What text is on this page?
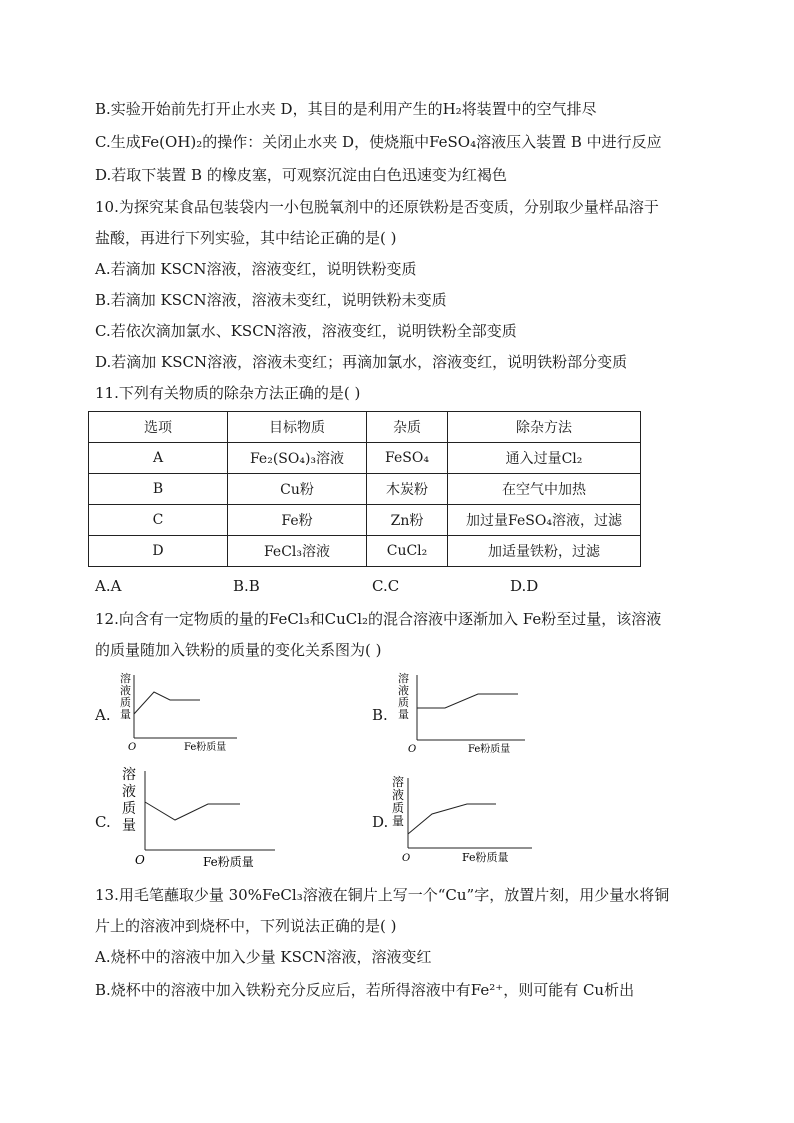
B.实验开始前先打开止水夹 D，其目的是利用产生的H₂将装置中的空气排尽
C.生成Fe(OH)₂的操作：关闭止水夹 D，使烧瓶中FeSO₄溶液压入装置 B 中进行反应
D.若取下装置 B 的橡皮塞，可观察沉淀由白色迅速变为红褐色
10.为探究某食品包装袋内一小包脱氧剂中的还原铁粉是否变质，分别取少量样品溶于
盐酸，再进行下列实验，其中结论正确的是( )
A.若滴加 KSCN溶液，溶液变红，说明铁粉变质
B.若滴加 KSCN溶液，溶液未变红，说明铁粉未变质
C.若依次滴加氯水、KSCN溶液，溶液变红，说明铁粉全部变质
D.若滴加 KSCN溶液，溶液未变红；再滴加氯水，溶液变红，说明铁粉部分变质
11.下列有关物质的除杂方法正确的是( )
选项	目标物质	杂质	除杂方法
A	Fe₂(SO₄)₃溶液	FeSO₄	通入过量Cl₂
B	Cu粉	木炭粉	在空气中加热
C	Fe粉	Zn粉	加过量FeSO₄溶液，过滤
D	FeCl₃溶液	CuCl₂	加适量铁粉，过滤
A.A	B.B	C.C	D.D
12.向含有一定物质的量的FeCl₃和CuCl₂的混合溶液中逐渐加入 Fe粉至过量，该溶液
的质量随加入铁粉的质量的变化关系图为( )
A.
溶
液
质
量
O	Fe粉质量
B.
溶
液
质
量
O	Fe粉质量
C.
溶
液
质
量
O	Fe粉质量
D.
溶
液
质
量
O	Fe粉质量
13.用毛笔蘸取少量 30%FeCl₃溶液在铜片上写一个“Cu”字，放置片刻，用少量水将铜
片上的溶液冲到烧杯中，下列说法正确的是( )
A.烧杯中的溶液中加入少量 KSCN溶液，溶液变红
B.烧杯中的溶液中加入铁粉充分反应后，若所得溶液中有Fe²⁺，则可能有 Cu析出
